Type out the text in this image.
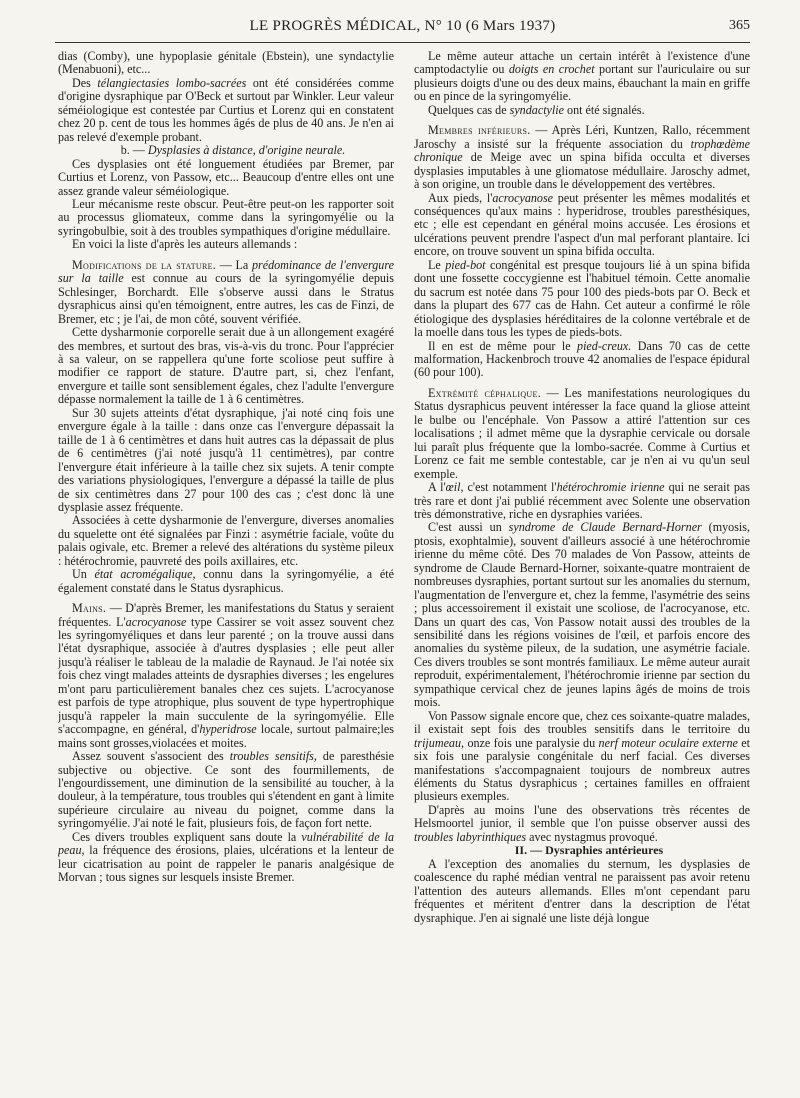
LE PROGRÈS MÉDICAL, N° 10 (6 Mars 1937)	365

dias (Comby), une hypoplasie génitale (Ebstein), une syndactylie (Menabuoni), etc...

Des télangiectasies lombo-sacrées ont été considérées comme d'origine dysraphique par O'Beck et surtout par Winkler. Leur valeur séméiologique est contestée par Curtius et Lorenz qui en constatent chez 20 p. cent de tous les hommes âgés de plus de 40 ans. Je n'en ai pas relevé d'exemple probant.

b. — Dysplasies à distance, d'origine neurale.

Ces dysplasies ont été longuement étudiées par Bremer, par Curtius et Lorenz, von Passow, etc... Beaucoup d'entre elles ont une assez grande valeur séméiologique.

Leur mécanisme reste obscur. Peut-être peut-on les rapporter soit au processus gliomateux, comme dans la syringomyélie ou la syringobulbie, soit à des troubles sympathiques d'origine médullaire.

En voici la liste d'après les auteurs allemands :

Modifications de la stature. — La prédominance de l'envergure sur la taille est connue au cours de la syringomyélie depuis Schlesinger, Borchardt. Elle s'observe aussi dans le Stratus dysraphicus ainsi qu'en témoignent, entre autres, les cas de Finzi, de Bremer, etc ; je l'ai, de mon côté, souvent vérifiée.

Cette dysharmonie corporelle serait due à un allongement exagéré des membres, et surtout des bras, vis-à-vis du tronc. Pour l'apprécier à sa valeur, on se rappellera qu'une forte scoliose peut suffire à modifier ce rapport de stature. D'autre part, si, chez l'enfant, envergure et taille sont sensiblement égales, chez l'adulte l'envergure dépasse normalement la taille de 1 à 6 centimètres.

Sur 30 sujets atteints d'état dysraphique, j'ai noté cinq fois une envergure égale à la taille : dans onze cas l'envergure dépassait la taille de 1 à 6 centimètres et dans huit autres cas la dépassait de plus de 6 centimètres (j'ai noté jusqu'à 11 centimètres), par contre l'envergure était inférieure à la taille chez six sujets. A tenir compte des variations physiologiques, l'envergure a dépassé la taille de plus de six centimètres dans 27 pour 100 des cas ; c'est donc là une dysplasie assez fréquente.

Associées à cette dysharmonie de l'envergure, diverses anomalies du squelette ont été signalées par Finzi : asymétrie faciale, voûte du palais ogivale, etc. Bremer a relevé des altérations du système pileux : hétérochromie, pauvreté des poils axillaires, etc.

Un état acromégalique, connu dans la syringomyélie, a été également constaté dans le Status dysraphicus.

Mains. — D'après Bremer, les manifestations du Status y seraient fréquentes. L'acrocyanose type Cassirer se voit assez souvent chez les syringomyéliques et dans leur parenté ; on la trouve aussi dans l'état dysraphique, associée à d'autres dysplasies ; elle peut aller jusqu'à réaliser le tableau de la maladie de Raynaud. Je l'ai notée six fois chez vingt malades atteints de dysraphies diverses ; les engelures m'ont paru particulièrement banales chez ces sujets. L'acrocyanose est parfois de type atrophique, plus souvent de type hypertrophique jusqu'à rappeler la main succulente de la syringomyélie. Elle s'accompagne, en général, d'hyperidrose locale, surtout palmaire;les mains sont grosses,violacées et moites.

Assez souvent s'associent des troubles sensitifs, de paresthésie subjective ou objective. Ce sont des fourmillements, de l'engourdissement, une diminution de la sensibilité au toucher, à la douleur, à la température, tous troubles qui s'étendent en gant à limite supérieure circulaire au niveau du poignet, comme dans la syringomyélie. J'ai noté le fait, plusieurs fois, de façon fort nette.

Ces divers troubles expliquent sans doute la vulnérabilité de la peau, la fréquence des érosions, plaies, ulcérations et la lenteur de leur cicatrisation au point de rappeler le panaris analgésique de Morvan ; tous signes sur lesquels insiste Bremer.

Le même auteur attache un certain intérêt à l'existence d'une camptodactylie ou doigts en crochet portant sur l'auriculaire ou sur plusieurs doigts d'une ou des deux mains, ébauchant la main en griffe ou en pince de la syringomyélie.

Quelques cas de syndactylie ont été signalés.

Membres inférieurs. — Après Léri, Kuntzen, Rallo, récemment Jaroschy a insisté sur la fréquente association du trophœdème chronique de Meige avec un spina bifida occulta et diverses dysplasies imputables à une gliomatose médullaire. Jaroschy admet, à son origine, un trouble dans le développement des vertèbres.

Aux pieds, l'acrocyanose peut présenter les mêmes modalités et conséquences qu'aux mains : hyperidrose, troubles paresthésiques, etc ; elle est cependant en général moins accusée. Les érosions et ulcérations peuvent prendre l'aspect d'un mal perforant plantaire. Ici encore, on trouve souvent un spina bifida occulta.

Le pied-bot congénital est presque toujours lié à un spina bifida dont une fossette coccygienne est l'habituel témoin. Cette anomalie du sacrum est notée dans 75 pour 100 des pieds-bots par O. Beck et dans la plupart des 677 cas de Hahn. Cet auteur a confirmé le rôle étiologique des dysplasies héréditaires de la colonne vertébrale et de la moelle dans tous les types de pieds-bots.

Il en est de même pour le pied-creux. Dans 70 cas de cette malformation, Hackenbroch trouve 42 anomalies de l'espace épidural (60 pour 100).

Extrémité céphalique. — Les manifestations neurologiques du Status dysraphicus peuvent intéresser la face quand la gliose atteint le bulbe ou l'encéphale. Von Passow a attiré l'attention sur ces localisations ; il admet même que la dysraphie cervicale ou dorsale lui paraît plus fréquente que la lombo-sacrée. Comme à Curtius et Lorenz ce fait me semble contestable, car je n'en ai vu qu'un seul exemple.

A l'œil, c'est notamment l'hétérochromie irienne qui ne serait pas très rare et dont j'ai publié récemment avec Solente une observation très démonstrative, riche en dysraphies variées.

C'est aussi un syndrome de Claude Bernard-Horner (myosis, ptosis, exophtalmie), souvent d'ailleurs associé à une hétérochromie irienne du même côté. Des 70 malades de Von Passow, atteints de syndrome de Claude Bernard-Horner, soixante-quatre montraient de nombreuses dysraphies, portant surtout sur les anomalies du sternum, l'augmentation de l'envergure et, chez la femme, l'asymétrie des seins ; plus accessoirement il existait une scoliose, de l'acrocyanose, etc. Dans un quart des cas, Von Passow notait aussi des troubles de la sensibilité dans les régions voisines de l'œil, et parfois encore des anomalies du système pileux, de la sudation, une asymétrie faciale. Ces divers troubles se sont montrés familiaux. Le même auteur aurait reproduit, expérimentalement, l'hétérochromie irienne par section du sympathique cervical chez de jeunes lapins âgés de moins de trois mois.

Von Passow signale encore que, chez ces soixante-quatre malades, il existait sept fois des troubles sensitifs dans le territoire du trijumeau, onze fois une paralysie du nerf moteur oculaire externe et six fois une paralysie congénitale du nerf facial. Ces diverses manifestations s'accompagnaient toujours de nombreux autres éléments du Status dysraphicus ; certaines familles en offraient plusieurs exemples.

D'après au moins l'une des observations très récentes de Helsmoortel junior, il semble que l'on puisse observer aussi des troubles labyrinthiques avec nystagmus provoqué.

II. — Dysraphies antérieures

A l'exception des anomalies du sternum, les dysplasies de coalescence du raphé médian ventral ne paraissent pas avoir retenu l'attention des auteurs allemands. Elles m'ont cependant paru fréquentes et méritent d'entrer dans la description de l'état dysraphique. J'en ai signalé une liste déjà longue
